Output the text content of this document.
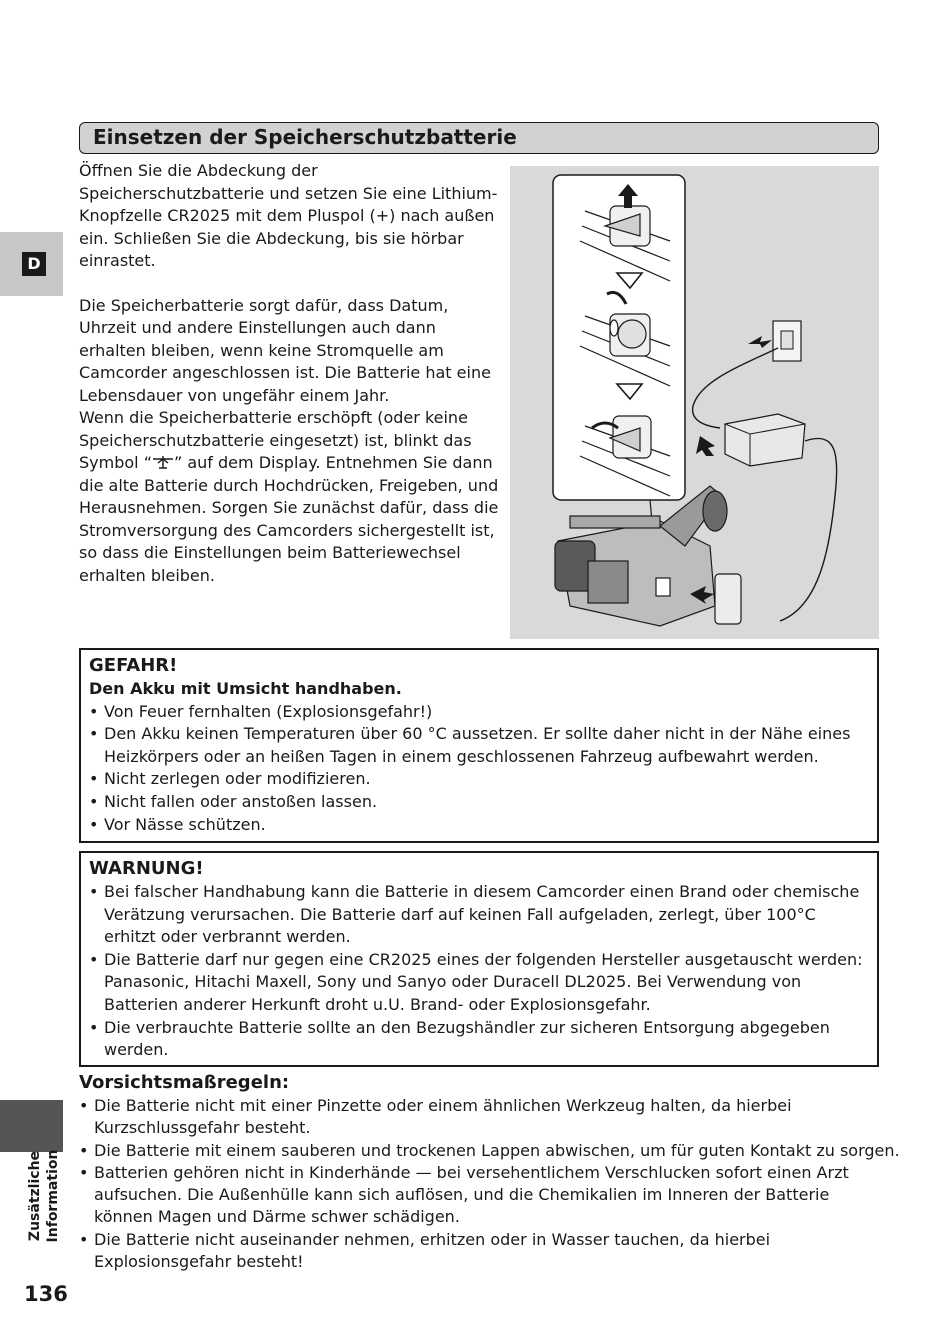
D
Zusätzliche Information
136
Einsetzen der Speicherschutzbatterie

Öffnen Sie die Abdeckung der Speicherschutzbatterie und setzen Sie eine Lithium-Knopfzelle CR2025 mit dem Pluspol (+) nach außen ein. Schließen Sie die Abdeckung, bis sie hörbar einrastet.

Die Speicherbatterie sorgt dafür, dass Datum, Uhrzeit und andere Einstellungen auch dann erhalten bleiben, wenn keine Stromquelle am Camcorder angeschlossen ist. Die Batterie hat eine Lebensdauer von ungefähr einem Jahr.
Wenn die Speicherbatterie erschöpft (oder keine Speicherschutzbatterie eingesetzt) ist, blinkt das Symbol “ ” auf dem Display. Entnehmen Sie dann die alte Batterie durch Hochdrücken, Freigeben, und Herausnehmen. Sorgen Sie zunächst dafür, dass die Stromversorgung des Camcorders sichergestellt ist, so dass die Einstellungen beim Batteriewechsel erhalten bleiben.

GEFAHR!
Den Akku mit Umsicht handhaben.
• Von Feuer fernhalten (Explosionsgefahr!)
• Den Akku keinen Temperaturen über 60 °C aussetzen. Er sollte daher nicht in der Nähe eines Heizkörpers oder an heißen Tagen in einem geschlossenen Fahrzeug aufbewahrt werden.
• Nicht zerlegen oder modifizieren.
• Nicht fallen oder anstoßen lassen.
• Vor Nässe schützen.
WARNUNG!
• Bei falscher Handhabung kann die Batterie in diesem Camcorder einen Brand oder chemische Verätzung verursachen. Die Batterie darf auf keinen Fall aufgeladen, zerlegt, über 100°C erhitzt oder verbrannt werden.
• Die Batterie darf nur gegen eine CR2025 eines der folgenden Hersteller ausgetauscht werden: Panasonic, Hitachi Maxell, Sony und Sanyo oder Duracell DL2025. Bei Verwendung von Batterien anderer Herkunft droht u.U. Brand- oder Explosionsgefahr.
• Die verbrauchte Batterie sollte an den Bezugshändler zur sicheren Entsorgung abgegeben werden.
Vorsichtsmaßregeln:
• Die Batterie nicht mit einer Pinzette oder einem ähnlichen Werkzeug halten, da hierbei
Kurzschlussgefahr besteht.
• Die Batterie mit einem sauberen und trockenen Lappen abwischen, um für guten Kontakt zu sorgen.
• Batterien gehören nicht in Kinderhände — bei versehentlichem Verschlucken sofort einen Arzt
aufsuchen. Die Außenhülle kann sich auflösen, und die Chemikalien im Inneren der Batterie
können Magen und Därme schwer schädigen.
• Die Batterie nicht auseinander nehmen, erhitzen oder in Wasser tauchen, da hierbei
Explosionsgefahr besteht!
